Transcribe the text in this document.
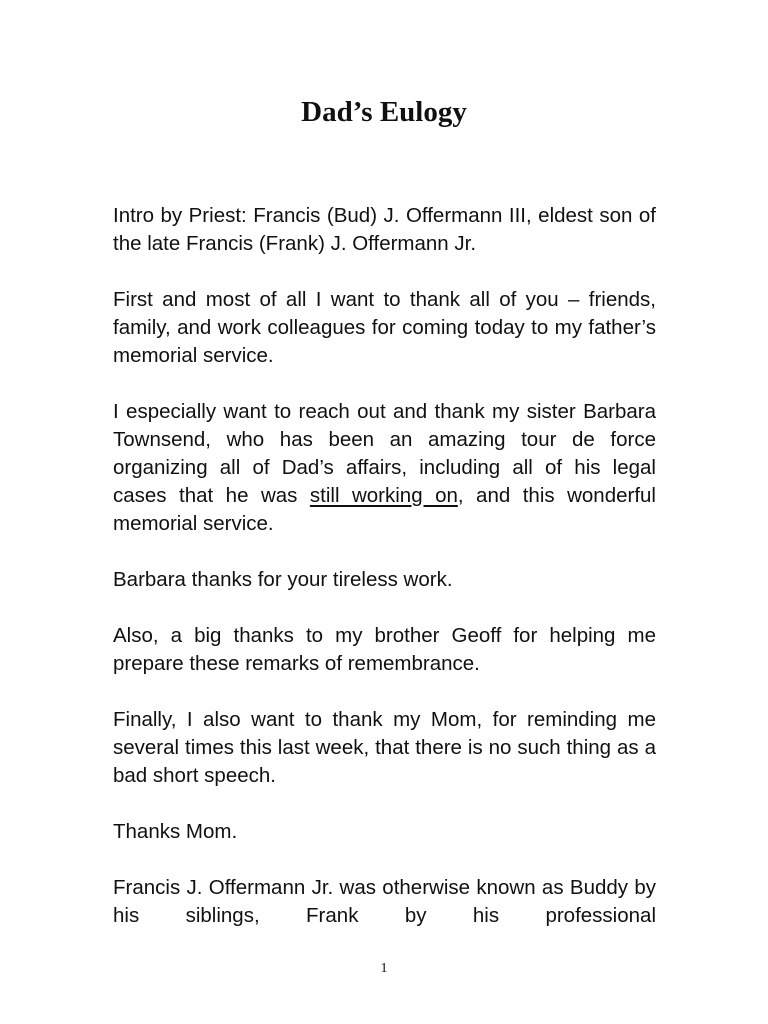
Dad’s Eulogy

Intro by Priest: Francis (Bud) J. Offermann III, eldest son of the late Francis (Frank) J. Offermann Jr.

First and most of all I want to thank all of you – friends, family, and work colleagues for coming today to my father’s memorial service.

I especially want to reach out and thank my sister Barbara Townsend, who has been an amazing tour de force organizing all of Dad’s affairs, including all of his legal cases that he was still working on, and this wonderful memorial service.

Barbara thanks for your tireless work.

Also, a big thanks to my brother Geoff for helping me prepare these remarks of remembrance.

Finally, I also want to thank my Mom, for reminding me several times this last week, that there is no such thing as a bad short speech.

Thanks Mom.

Francis J. Offermann Jr. was otherwise known as Buddy by his siblings, Frank by his professional

1
